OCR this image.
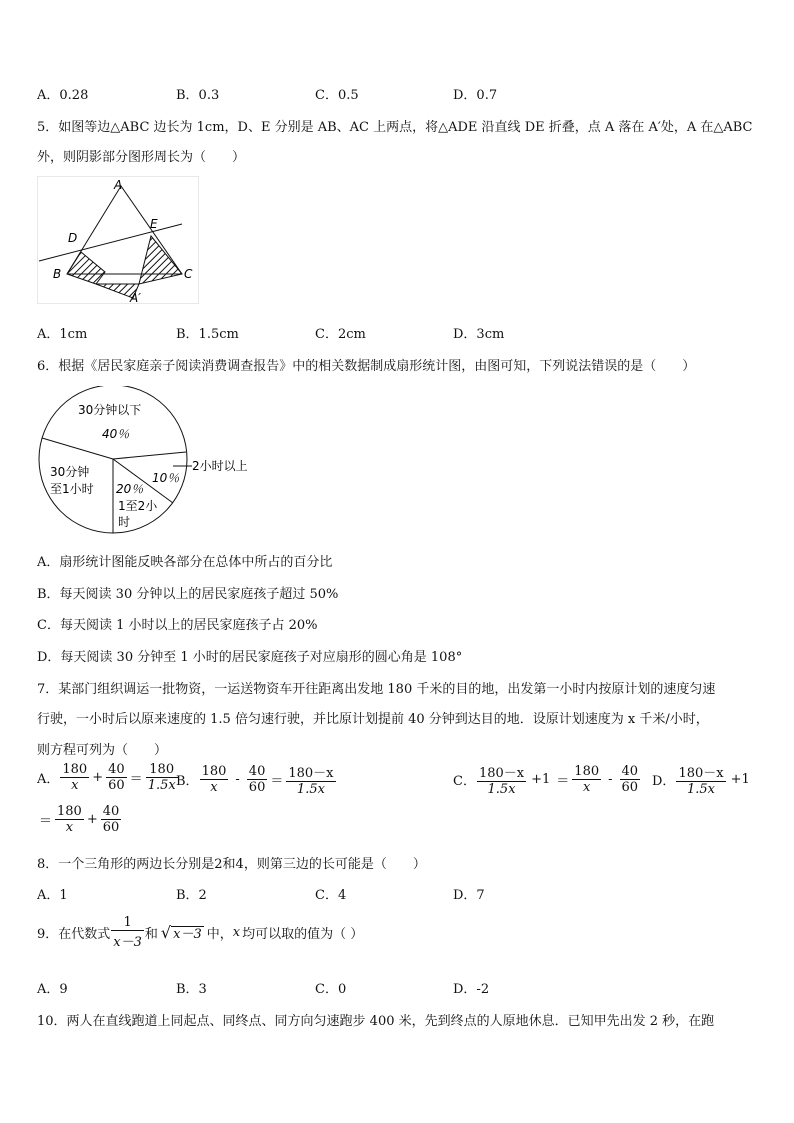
A．0.28	B．0.3	C．0.5	D．0.7
5．如图等边△ABC 边长为 1cm，D、E 分别是 AB、AC 上两点，将△ADE 沿直线 DE 折叠，点 A 落在 A′处，A 在△ABC
外，则阴影部分图形周长为（　　）
A
D
E
B	C
A′
A．1cm	B．1.5cm	C．2cm	D．3cm
6．根据《居民家庭亲子阅读消费调查报告》中的相关数据制成扇形统计图，由图可知，下列说法错误的是（　　）
30分钟以下
40％
30分钟
至1小时 20％
1至2小
时
10％
2小时以上
A．扇形统计图能反映各部分在总体中所占的百分比
B．每天阅读 30 分钟以上的居民家庭孩子超过 50%
C．每天阅读 1 小时以上的居民家庭孩子占 20%
D．每天阅读 30 分钟至 1 小时的居民家庭孩子对应扇形的圆心角是 108°
7．某部门组织调运一批物资，一运送物资车开往距离出发地 180 千米的目的地，出发第一小时内按原计划的速度匀速
行驶，一小时后以原来速度的 1.5 倍匀速行驶，并比原计划提前 40 分钟到达目的地．设原计划速度为 x 千米/小时，
则方程可列为（　　）
A． $\frac{180}{x} + \frac{40}{60} = \frac{180}{1.5x}$
B． $\frac{180}{x} - \frac{40}{60} = \frac{180-x}{1.5x}$	C． $\frac{180-x}{1.5x} +1 = \frac{180}{x} - \frac{40}{60}$ D． $\frac{180-x}{1.5x} +1$
＝ $\frac{180}{x} + \frac{40}{60}$
8．一个三角形的两边长分别是2和4，则第三边的长可能是（　　）
A．1	B．2	C．4	D．7
9．在代数式 $\frac{1}{x-3}$ 和 √ x－3 中， x 均可以取的值为（ ）
A．9	B．3	C．0	D．-2
10．两人在直线跑道上同起点、同终点、同方向匀速跑步 400 米，先到终点的人原地休息．已知甲先出发 2 秒，在跑
